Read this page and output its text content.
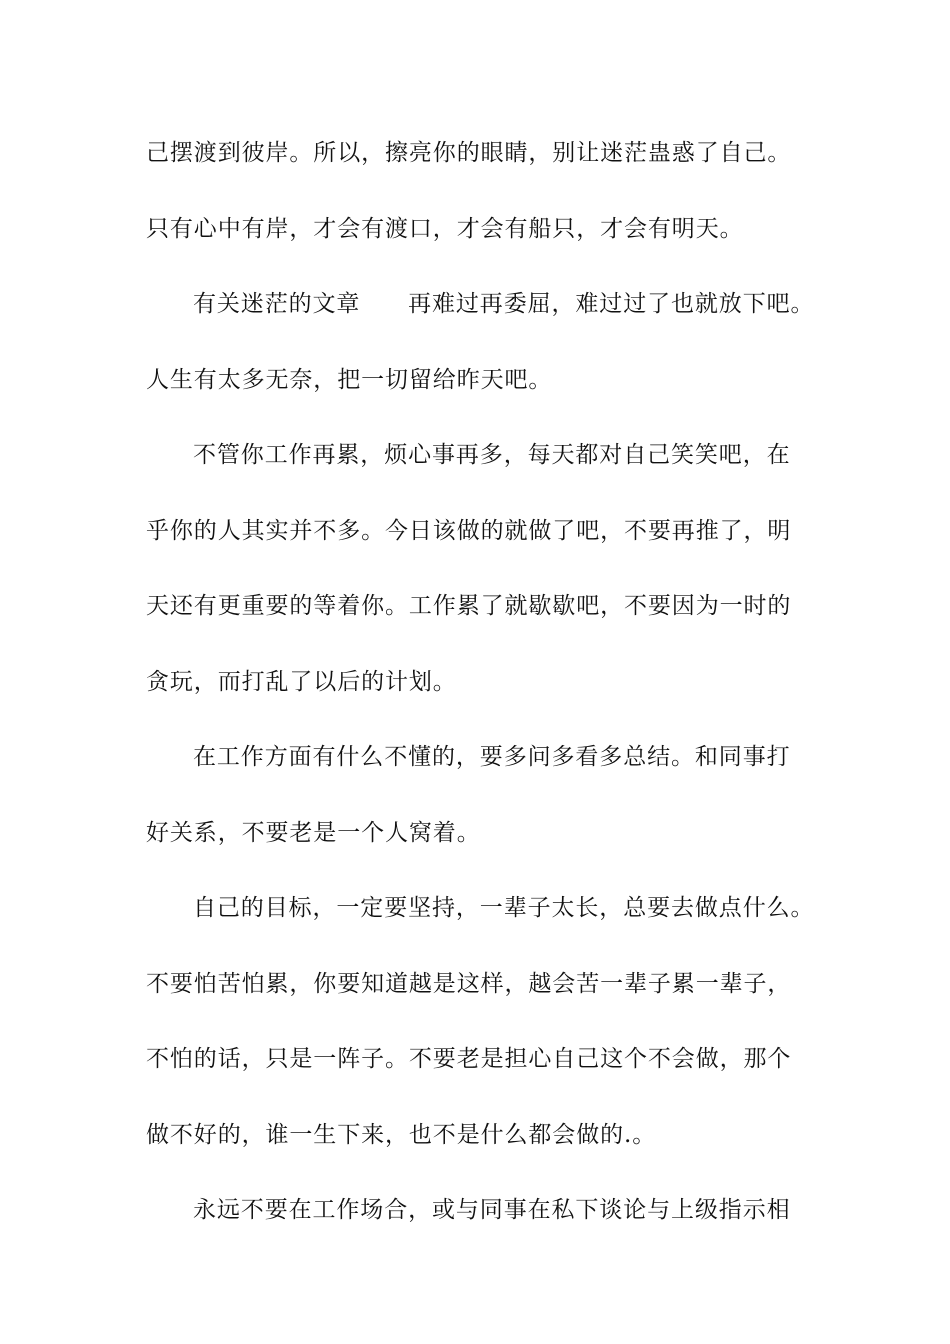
己摆渡到彼岸。所以，擦亮你的眼睛，别让迷茫蛊惑了自己。
只有心中有岸，才会有渡口，才会有船只，才会有明天。
有关迷茫的文章　　再难过再委屈，难过过了也就放下吧。
人生有太多无奈，把一切留给昨天吧。
不管你工作再累，烦心事再多，每天都对自己笑笑吧，在
乎你的人其实并不多。今日该做的就做了吧，不要再推了，明
天还有更重要的等着你。工作累了就歇歇吧，不要因为一时的
贪玩，而打乱了以后的计划。
在工作方面有什么不懂的，要多问多看多总结。和同事打
好关系，不要老是一个人窝着。
自己的目标，一定要坚持，一辈子太长，总要去做点什么。
不要怕苦怕累，你要知道越是这样，越会苦一辈子累一辈子，
不怕的话，只是一阵子。不要老是担心自己这个不会做，那个
做不好的，谁一生下来，也不是什么都会做的.。
永远不要在工作场合，或与同事在私下谈论与上级指示相
